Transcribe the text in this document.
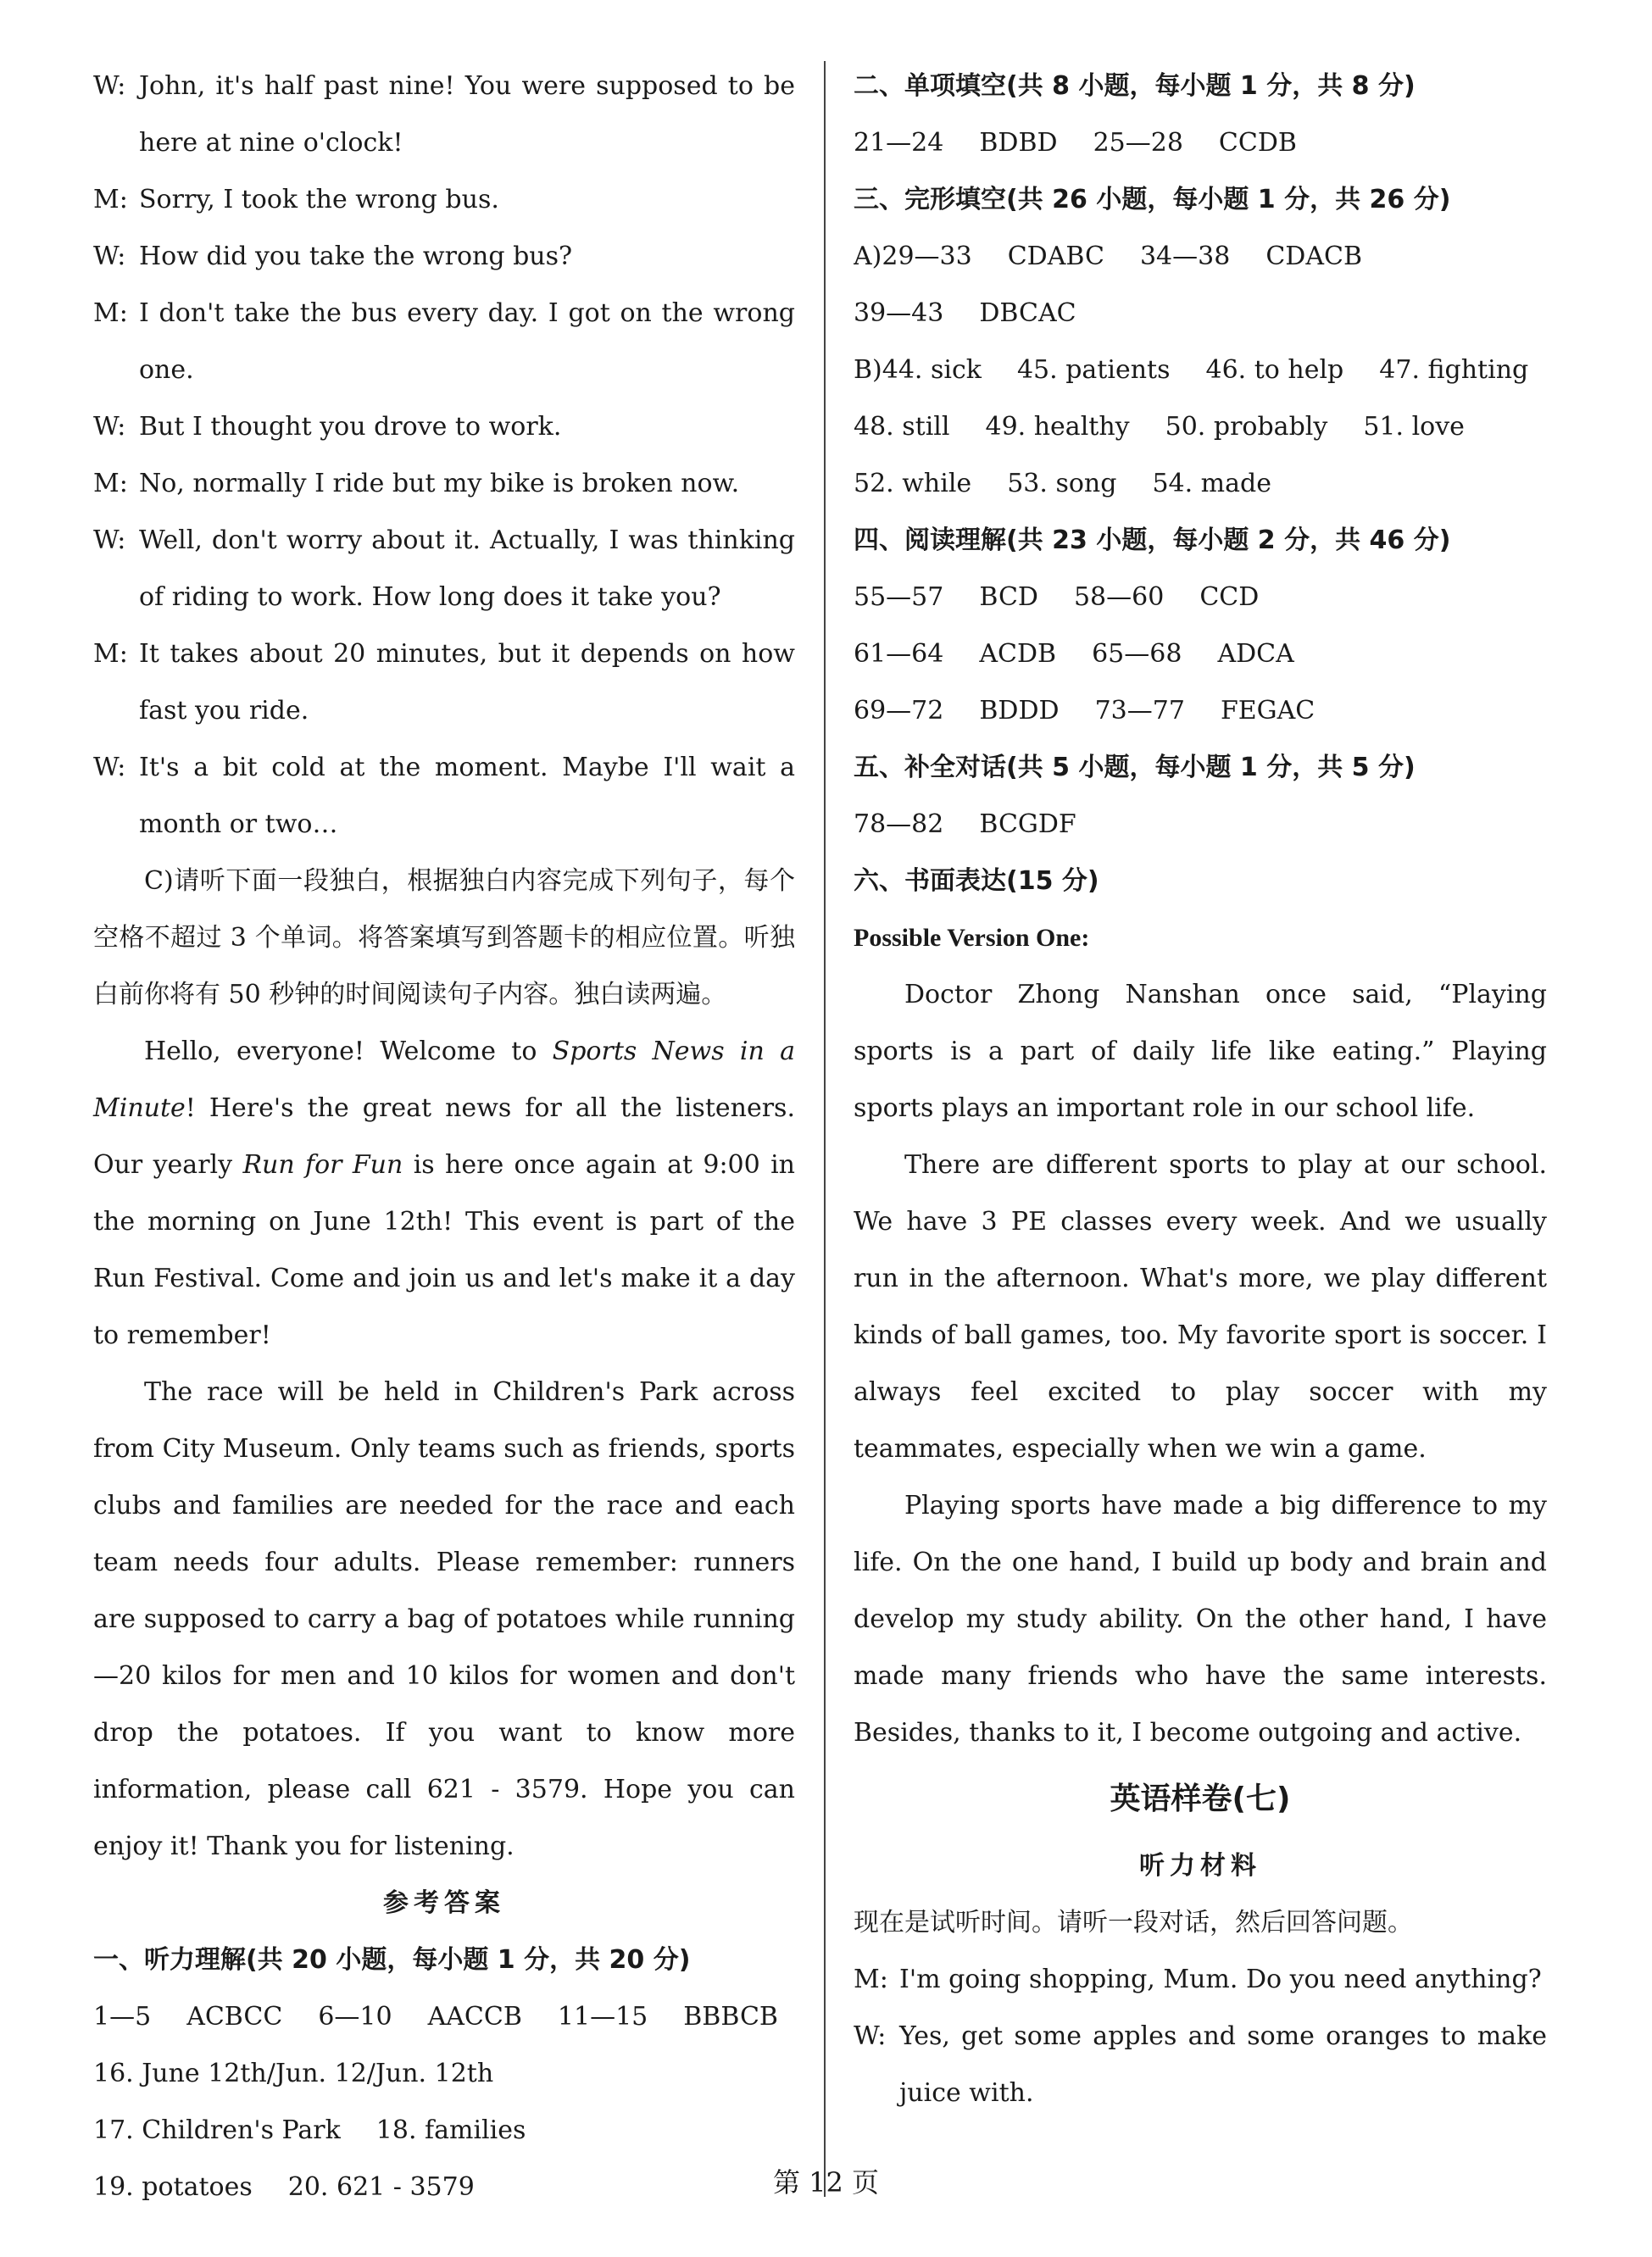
W: John, it's half past nine! You were supposed to be here at nine o'clock!
M: Sorry, I took the wrong bus.
W: How did you take the wrong bus?
M: I don't take the bus every day. I got on the wrong one.
W: But I thought you drove to work.
M: No, normally I ride but my bike is broken now.
W: Well, don't worry about it. Actually, I was thinking of riding to work. How long does it take you?
M: It takes about 20 minutes, but it depends on how fast you ride.
W: It's a bit cold at the moment. Maybe I'll wait a month or two…

C)请听下面一段独白，根据独白内容完成下列句子，每个空格不超过 3 个单词。将答案填写到答题卡的相应位置。听独白前你将有 50 秒钟的时间阅读句子内容。独白读两遍。

Hello, everyone! Welcome to Sports News in a Minute! Here's the great news for all the listeners. Our yearly Run for Fun is here once again at 9:00 in the morning on June 12th! This event is part of the Run Festival. Come and join us and let's make it a day to remember!

The race will be held in Children's Park across from City Museum. Only teams such as friends, sports clubs and families are needed for the race and each team needs four adults. Please remember: runners are supposed to carry a bag of potatoes while running—20 kilos for men and 10 kilos for women and don't drop the potatoes. If you want to know more information, please call 621 - 3579. Hope you can enjoy it! Thank you for listening.

参考答案
一、听力理解(共 20 小题，每小题 1 分，共 20 分)
1—5 ACBCC 6—10 AACCB 11—15 BBBCB
16. June 12th/Jun. 12/Jun. 12th
17. Children's Park 18. families
19. potatoes 20. 621 - 3579
二、单项填空(共 8 小题，每小题 1 分，共 8 分)
21—24 BDBD 25—28 CCDB
三、完形填空(共 26 小题，每小题 1 分，共 26 分)
A)29—33 CDABC 34—38 CDACB
39—43 DBCAC
B)44. sick 45. patients 46. to help 47. fighting
48. still 49. healthy 50. probably 51. love
52. while 53. song 54. made
四、阅读理解(共 23 小题，每小题 2 分，共 46 分)
55—57 BCD 58—60 CCD
61—64 ACDB 65—68 ADCA
69—72 BDDD 73—77 FEGAC
五、补全对话(共 5 小题，每小题 1 分，共 5 分)
78—82 BCGDF
六、书面表达(15 分)
Possible Version One:

Doctor Zhong Nanshan once said, “Playing sports is a part of daily life like eating.” Playing sports plays an important role in our school life.

There are different sports to play at our school. We have 3 PE classes every week. And we usually run in the afternoon. What's more, we play different kinds of ball games, too. My favorite sport is soccer. I always feel excited to play soccer with my teammates, especially when we win a game.

Playing sports have made a big difference to my life. On the one hand, I build up body and brain and develop my study ability. On the other hand, I have made many friends who have the same interests. Besides, thanks to it, I become outgoing and active.

英语样卷(七)
听力材料
现在是试听时间。请听一段对话，然后回答问题。
M: I'm going shopping, Mum. Do you need anything?
W: Yes, get some apples and some oranges to make juice with.
第 12 页
